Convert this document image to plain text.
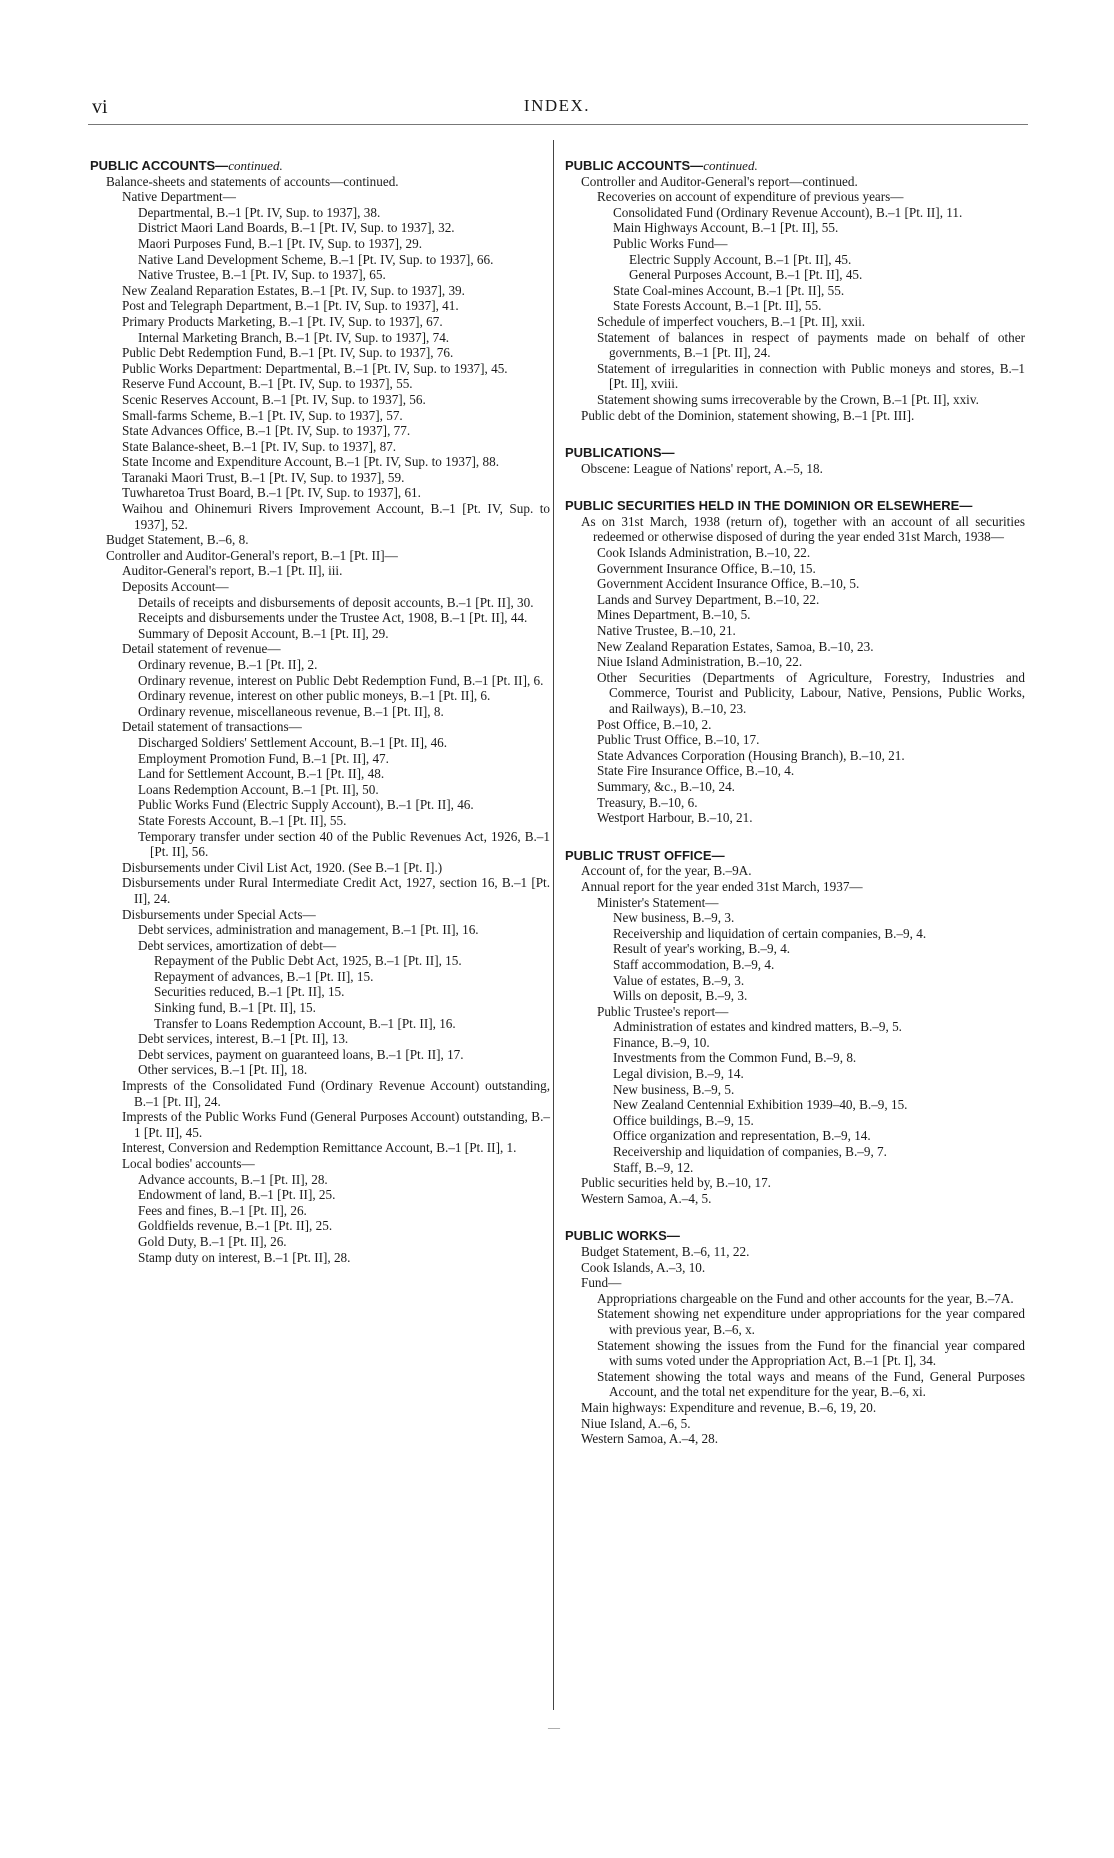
vi	INDEX.

PUBLIC ACCOUNTS—continued.

Balance-sheets and statements of accounts—continued.

Native Department—

Departmental, B.–1 [Pt. IV, Sup. to 1937], 38.

District Maori Land Boards, B.–1 [Pt. IV, Sup. to 1937], 32.

Maori Purposes Fund, B.–1 [Pt. IV, Sup. to 1937], 29.

Native Land Development Scheme, B.–1 [Pt. IV, Sup. to 1937], 66.

Native Trustee, B.–1 [Pt. IV, Sup. to 1937], 65.

New Zealand Reparation Estates, B.–1 [Pt. IV, Sup. to 1937], 39.

Post and Telegraph Department, B.–1 [Pt. IV, Sup. to 1937], 41.

Primary Products Marketing, B.–1 [Pt. IV, Sup. to 1937], 67.

Internal Marketing Branch, B.–1 [Pt. IV, Sup. to 1937], 74.

Public Debt Redemption Fund, B.–1 [Pt. IV, Sup. to 1937], 76.

Public Works Department: Departmental, B.–1 [Pt. IV, Sup. to 1937], 45.

Reserve Fund Account, B.–1 [Pt. IV, Sup. to 1937], 55.

Scenic Reserves Account, B.–1 [Pt. IV, Sup. to 1937], 56.

Small-farms Scheme, B.–1 [Pt. IV, Sup. to 1937], 57.

State Advances Office, B.–1 [Pt. IV, Sup. to 1937], 77.

State Balance-sheet, B.–1 [Pt. IV, Sup. to 1937], 87.

State Income and Expenditure Account, B.–1 [Pt. IV, Sup. to 1937], 88.

Taranaki Maori Trust, B.–1 [Pt. IV, Sup. to 1937], 59.

Tuwharetoa Trust Board, B.–1 [Pt. IV, Sup. to 1937], 61.

Waihou and Ohinemuri Rivers Improvement Account, B.–1 [Pt. IV, Sup. to 1937], 52.

Budget Statement, B.–6, 8.

Controller and Auditor-General's report, B.–1 [Pt. II]—

Auditor-General's report, B.–1 [Pt. II], iii.

Deposits Account—

Details of receipts and disbursements of deposit accounts, B.–1 [Pt. II], 30.

Receipts and disbursements under the Trustee Act, 1908, B.–1 [Pt. II], 44.

Summary of Deposit Account, B.–1 [Pt. II], 29.

Detail statement of revenue—

Ordinary revenue, B.–1 [Pt. II], 2.

Ordinary revenue, interest on Public Debt Redemption Fund, B.–1 [Pt. II], 6.

Ordinary revenue, interest on other public moneys, B.–1 [Pt. II], 6.

Ordinary revenue, miscellaneous revenue, B.–1 [Pt. II], 8.

Detail statement of transactions—

Discharged Soldiers' Settlement Account, B.–1 [Pt. II], 46.

Employment Promotion Fund, B.–1 [Pt. II], 47.

Land for Settlement Account, B.–1 [Pt. II], 48.

Loans Redemption Account, B.–1 [Pt. II], 50.

Public Works Fund (Electric Supply Account), B.–1 [Pt. II], 46.

State Forests Account, B.–1 [Pt. II], 55.

Temporary transfer under section 40 of the Public Revenues Act, 1926, B.–1 [Pt. II], 56.

Disbursements under Civil List Act, 1920. (See B.–1 [Pt. I].)

Disbursements under Rural Intermediate Credit Act, 1927, section 16, B.–1 [Pt. II], 24.

Disbursements under Special Acts—

Debt services, administration and management, B.–1 [Pt. II], 16.

Debt services, amortization of debt—

Repayment of the Public Debt Act, 1925, B.–1 [Pt. II], 15.

Repayment of advances, B.–1 [Pt. II], 15.

Securities reduced, B.–1 [Pt. II], 15.

Sinking fund, B.–1 [Pt. II], 15.

Transfer to Loans Redemption Account, B.–1 [Pt. II], 16.

Debt services, interest, B.–1 [Pt. II], 13.

Debt services, payment on guaranteed loans, B.–1 [Pt. II], 17.

Other services, B.–1 [Pt. II], 18.

Imprests of the Consolidated Fund (Ordinary Revenue Account) outstanding, B.–1 [Pt. II], 24.

Imprests of the Public Works Fund (General Purposes Account) outstanding, B.–1 [Pt. II], 45.

Interest, Conversion and Redemption Remittance Account, B.–1 [Pt. II], 1.

Local bodies' accounts—

Advance accounts, B.–1 [Pt. II], 28.

Endowment of land, B.–1 [Pt. II], 25.

Fees and fines, B.–1 [Pt. II], 26.

Goldfields revenue, B.–1 [Pt. II], 25.

Gold Duty, B.–1 [Pt. II], 26.

Stamp duty on interest, B.–1 [Pt. II], 28.

PUBLIC ACCOUNTS—continued.

Controller and Auditor-General's report—continued.

Recoveries on account of expenditure of previous years—

Consolidated Fund (Ordinary Revenue Account), B.–1 [Pt. II], 11.

Main Highways Account, B.–1 [Pt. II], 55.

Public Works Fund—

Electric Supply Account, B.–1 [Pt. II], 45.

General Purposes Account, B.–1 [Pt. II], 45.

State Coal-mines Account, B.–1 [Pt. II], 55.

State Forests Account, B.–1 [Pt. II], 55.

Schedule of imperfect vouchers, B.–1 [Pt. II], xxii.

Statement of balances in respect of payments made on behalf of other governments, B.–1 [Pt. II], 24.

Statement of irregularities in connection with Public moneys and stores, B.–1 [Pt. II], xviii.

Statement showing sums irrecoverable by the Crown, B.–1 [Pt. II], xxiv.

Public debt of the Dominion, statement showing, B.–1 [Pt. III].

PUBLICATIONS—

Obscene: League of Nations' report, A.–5, 18.

PUBLIC SECURITIES HELD IN THE DOMINION OR ELSEWHERE—

As on 31st March, 1938 (return of), together with an account of all securities redeemed or otherwise disposed of during the year ended 31st March, 1938—

Cook Islands Administration, B.–10, 22.

Government Insurance Office, B.–10, 15.

Government Accident Insurance Office, B.–10, 5.

Lands and Survey Department, B.–10, 22.

Mines Department, B.–10, 5.

Native Trustee, B.–10, 21.

New Zealand Reparation Estates, Samoa, B.–10, 23.

Niue Island Administration, B.–10, 22.

Other Securities (Departments of Agriculture, Forestry, Industries and Commerce, Tourist and Publicity, Labour, Native, Pensions, Public Works, and Railways), B.–10, 23.

Post Office, B.–10, 2.

Public Trust Office, B.–10, 17.

State Advances Corporation (Housing Branch), B.–10, 21.

State Fire Insurance Office, B.–10, 4.

Summary, &c., B.–10, 24.

Treasury, B.–10, 6.

Westport Harbour, B.–10, 21.

PUBLIC TRUST OFFICE—

Account of, for the year, B.–9A.

Annual report for the year ended 31st March, 1937—

Minister's Statement—

New business, B.–9, 3.

Receivership and liquidation of certain companies, B.–9, 4.

Result of year's working, B.–9, 4.

Staff accommodation, B.–9, 4.

Value of estates, B.–9, 3.

Wills on deposit, B.–9, 3.

Public Trustee's report—

Administration of estates and kindred matters, B.–9, 5.

Finance, B.–9, 10.

Investments from the Common Fund, B.–9, 8.

Legal division, B.–9, 14.

New business, B.–9, 5.

New Zealand Centennial Exhibition 1939–40, B.–9, 15.

Office buildings, B.–9, 15.

Office organization and representation, B.–9, 14.

Receivership and liquidation of companies, B.–9, 7.

Staff, B.–9, 12.

Public securities held by, B.–10, 17.

Western Samoa, A.–4, 5.

PUBLIC WORKS—

Budget Statement, B.–6, 11, 22.

Cook Islands, A.–3, 10.

Fund—

Appropriations chargeable on the Fund and other accounts for the year, B.–7A.

Statement showing net expenditure under appropriations for the year compared with previous year, B.–6, x.

Statement showing the issues from the Fund for the financial year compared with sums voted under the Appropriation Act, B.–1 [Pt. I], 34.

Statement showing the total ways and means of the Fund, General Purposes Account, and the total net expenditure for the year, B.–6, xi.

Main highways: Expenditure and revenue, B.–6, 19, 20.

Niue Island, A.–6, 5.

Western Samoa, A.–4, 28.

—
